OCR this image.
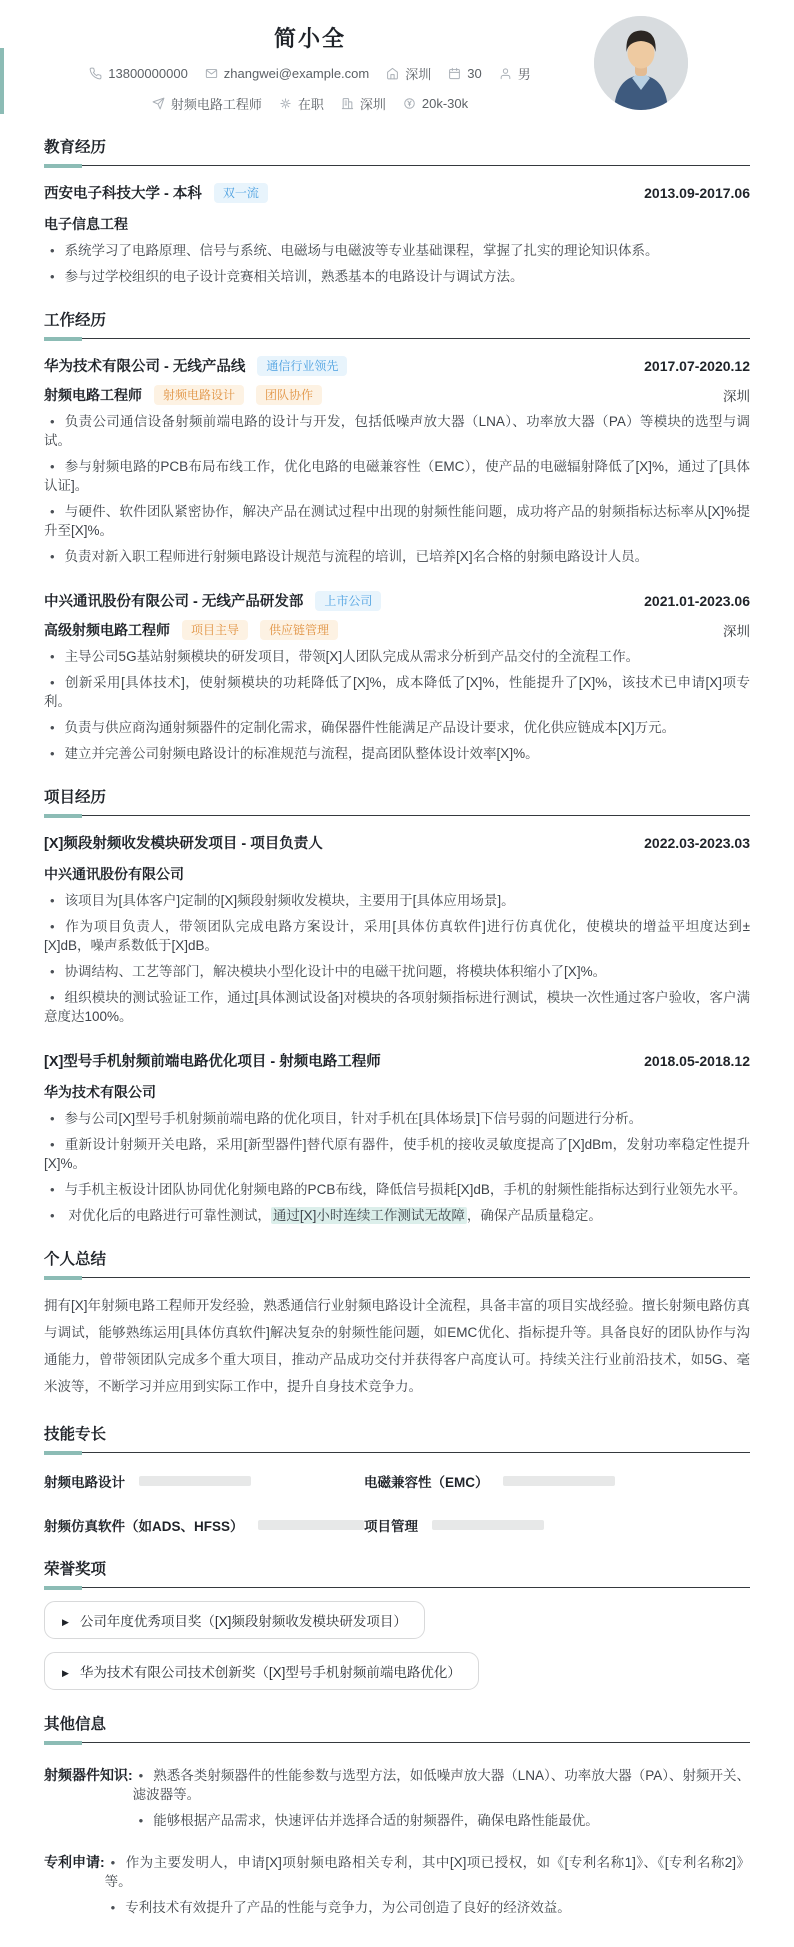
简小全
13800000000	zhangwei@example.com	深圳	30	男
射频电路工程师	在职	深圳	20k-30k
教育经历
西安电子科技大学 - 本科	双一流	2013.09-2017.06
电子信息工程
• 系统学习了电路原理、信号与系统、电磁场与电磁波等专业基础课程，掌握了扎实的理论知识体系。
• 参与过学校组织的电子设计竞赛相关培训，熟悉基本的电路设计与调试方法。
工作经历
华为技术有限公司 - 无线产品线	通信行业领先	2017.07-2020.12
射频电路工程师	射频电路设计	团队协作	深圳
• 负责公司通信设备射频前端电路的设计与开发，包括低噪声放大器（LNA）、功率放大器（PA）等模块的选型与调试。
• 参与射频电路的PCB布局布线工作，优化电路的电磁兼容性（EMC），使产品的电磁辐射降低了[X]%，通过了[具体认证]。
• 与硬件、软件团队紧密协作，解决产品在测试过程中出现的射频性能问题，成功将产品的射频指标达标率从[X]%提升至[X]%。
• 负责对新入职工程师进行射频电路设计规范与流程的培训，已培养[X]名合格的射频电路设计人员。
中兴通讯股份有限公司 - 无线产品研发部	上市公司	2021.01-2023.06
高级射频电路工程师	项目主导	供应链管理	深圳
• 主导公司5G基站射频模块的研发项目，带领[X]人团队完成从需求分析到产品交付的全流程工作。
• 创新采用[具体技术]，使射频模块的功耗降低了[X]%，成本降低了[X]%，性能提升了[X]%，该技术已申请[X]项专利。
• 负责与供应商沟通射频器件的定制化需求，确保器件性能满足产品设计要求，优化供应链成本[X]万元。
• 建立并完善公司射频电路设计的标准规范与流程，提高团队整体设计效率[X]%。
项目经历
[X]频段射频收发模块研发项目 - 项目负责人	2022.03-2023.03
中兴通讯股份有限公司
• 该项目为[具体客户]定制的[X]频段射频收发模块，主要用于[具体应用场景]。
• 作为项目负责人，带领团队完成电路方案设计，采用[具体仿真软件]进行仿真优化，使模块的增益平坦度达到±[X]dB，噪声系数低于[X]dB。
• 协调结构、工艺等部门，解决模块小型化设计中的电磁干扰问题，将模块体积缩小了[X]%。
• 组织模块的测试验证工作，通过[具体测试设备]对模块的各项射频指标进行测试，模块一次性通过客户验收，客户满意度达100%。
[X]型号手机射频前端电路优化项目 - 射频电路工程师	2018.05-2018.12
华为技术有限公司
• 参与公司[X]型号手机射频前端电路的优化项目，针对手机在[具体场景]下信号弱的问题进行分析。
• 重新设计射频开关电路，采用[新型器件]替代原有器件，使手机的接收灵敏度提高了[X]dBm，发射功率稳定性提升[X]%。
• 与手机主板设计团队协同优化射频电路的PCB布线，降低信号损耗[X]dB，手机的射频性能指标达到行业领先水平。
• 对优化后的电路进行可靠性测试， 通过[X]小时连续工作测试无故障 ，确保产品质量稳定。
个人总结

拥有[X]年射频电路工程师开发经验，熟悉通信行业射频电路设计全流程，具备丰富的项目实战经验。擅长射频电路仿真与调试，能够熟练运用[具体仿真软件]解决复杂的射频性能问题，如EMC优化、指标提升等。具备良好的团队协作与沟通能力，曾带领团队完成多个重大项目，推动产品成功交付并获得客户高度认可。持续关注行业前沿技术，如5G、毫米波等，不断学习并应用到实际工作中，提升自身技术竞争力。

技能专长
射频电路设计	电磁兼容性（EMC）
射频仿真软件（如ADS、HFSS）	项目管理
荣誉奖项
▶
公司年度优秀项目奖（[X]频段射频收发模块研发项目）
▶
华为技术有限公司技术创新奖（[X]型号手机射频前端电路优化）
其他信息
射频器件知识:	• 熟悉各类射频器件的性能参数与选型方法，如低噪声放大器（LNA）、功率放大器（PA）、射频开关、滤波器等。
• 能够根据产品需求，快速评估并选择合适的射频器件，确保电路性能最优。
专利申请:	• 作为主要发明人，申请[X]项射频电路相关专利，其中[X]项已授权，如《[专利名称1]》、《[专利名称2]》等。
• 专利技术有效提升了产品的性能与竞争力，为公司创造了良好的经济效益。
